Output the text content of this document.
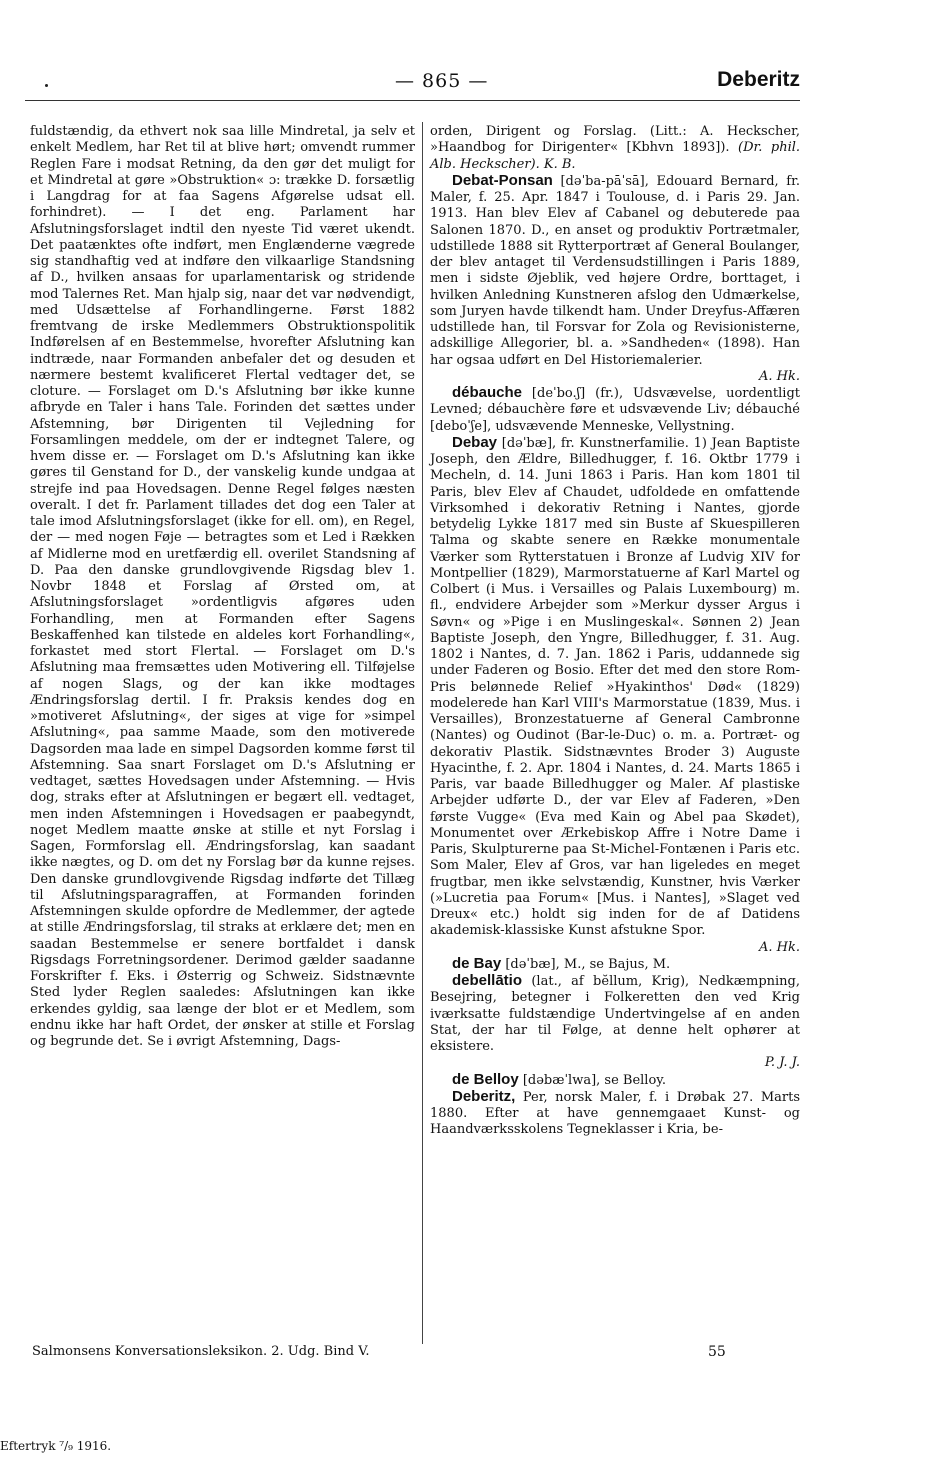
— 865 —	Deberitz

fuldstændig, da ethvert nok saa lille Mindretal, ja selv et enkelt Medlem, har Ret til at blive hørt; omvendt rummer Reglen Fare i modsat Retning, da den gør det muligt for et Mindretal at gøre »Obstruktion« ɔ: trække D. forsætlig i Langdrag for at faa Sagens Afgørelse udsat ell. forhindret). — I det eng. Parlament har Afslutningsforslaget indtil den nyeste Tid været ukendt. Det paatænktes ofte indført, men Englænderne vægrede sig standhaftig ved at indføre den vilkaarlige Standsning af D., hvilken ansaas for uparlamentarisk og stridende mod Talernes Ret. Man hjalp sig, naar det var nødvendigt, med Udsættelse af Forhandlingerne. Først 1882 fremtvang de irske Medlemmers Obstruktionspolitik Indførelsen af en Bestemmelse, hvorefter Afslutning kan indtræde, naar Formanden anbefaler det og desuden et nærmere bestemt kvalificeret Flertal vedtager det, se cloture. — Forslaget om D.'s Afslutning bør ikke kunne afbryde en Taler i hans Tale. Forinden det sættes under Afstemning, bør Dirigenten til Vejledning for Forsamlingen meddele, om der er indtegnet Talere, og hvem disse er. — Forslaget om D.'s Afslutning kan ikke gøres til Genstand for D., der vanskelig kunde undgaa at strejfe ind paa Hovedsagen. Denne Regel følges næsten overalt. I det fr. Parlament tillades det dog een Taler at tale imod Afslutningsforslaget (ikke for ell. om), en Regel, der — med nogen Føje — betragtes som et Led i Rækken af Midlerne mod en uretfærdig ell. overilet Standsning af D. Paa den danske grundlovgivende Rigsdag blev 1. Novbr 1848 et Forslag af Ørsted om, at Afslutningsforslaget »ordentligvis afgøres uden Forhandling, men at Formanden efter Sagens Beskaffenhed kan tilstede en aldeles kort Forhandling«, forkastet med stort Flertal. — Forslaget om D.'s Afslutning maa fremsættes uden Motivering ell. Tilføjelse af nogen Slags, og der kan ikke modtages Ændringsforslag dertil. I fr. Praksis kendes dog en »motiveret Afslutning«, der siges at vige for »simpel Afslutning«, paa samme Maade, som den motiverede Dagsorden maa lade en simpel Dagsorden komme først til Afstemning. Saa snart Forslaget om D.'s Afslutning er vedtaget, sættes Hovedsagen under Afstemning. — Hvis dog, straks efter at Afslutningen er begært ell. vedtaget, men inden Afstemningen i Hovedsagen er paabegyndt, noget Medlem maatte ønske at stille et nyt Forslag i Sagen, Formforslag ell. Ændringsforslag, kan saadant ikke nægtes, og D. om det ny Forslag bør da kunne rejses. Den danske grundlovgivende Rigsdag indførte det Tillæg til Afslutningsparagraffen, at Formanden forinden Afstemningen skulde opfordre de Medlemmer, der agtede at stille Ændringsforslag, til straks at erklære det; men en saadan Bestemmelse er senere bortfaldet i dansk Rigsdags Forretningsordener. Derimod gælder saadanne Forskrifter f. Eks. i Østerrig og Schweiz. Sidstnævnte Sted lyder Reglen saaledes: Afslutningen kan ikke erkendes gyldig, saa længe der blot er et Medlem, som endnu ikke har haft Ordet, der ønsker at stille et Forslag og begrunde det. Se i øvrigt Afstemning, Dags-

orden, Dirigent og Forslag. (Litt.: A. Heckscher, »Haandbog for Dirigenter« [Kbhvn 1893]). (Dr. phil. Alb. Heckscher). K. B.

Debat-Ponsan [dəˈba-pāˈsā], Edouard Bernard, fr. Maler, f. 25. Apr. 1847 i Toulouse, d. i Paris 29. Jan. 1913. Han blev Elev af Cabanel og debuterede paa Salonen 1870. D., en anset og produktiv Portrætmaler, udstillede 1888 sit Rytterportræt af General Boulanger, der blev antaget til Verdensudstillingen i Paris 1889, men i sidste Øjeblik, ved højere Ordre, borttaget, i hvilken Anledning Kunstneren afslog den Udmærkelse, som Juryen havde tilkendt ham. Under Dreyfus-Affæren udstillede han, til Forsvar for Zola og Revisionisterne, adskillige Allegorier, bl. a. »Sandheden« (1898). Han har ogsaa udført en Del Historiemalerier.
A. Hk.

débauche [deˈbo.ʃ] (fr.), Udsvævelse, uordentligt Levned; débauchère føre et udsvævende Liv; débauché [deboˈʃe], udsvævende Menneske, Vellystning.

Debay [dəˈbæ], fr. Kunstnerfamilie. 1) Jean Baptiste Joseph, den Ældre, Billedhugger, f. 16. Oktbr 1779 i Mecheln, d. 14. Juni 1863 i Paris. Han kom 1801 til Paris, blev Elev af Chaudet, udfoldede en omfattende Virksomhed i dekorativ Retning i Nantes, gjorde betydelig Lykke 1817 med sin Buste af Skuespilleren Talma og skabte senere en Række monumentale Værker som Rytterstatuen i Bronze af Ludvig XIV for Montpellier (1829), Marmorstatuerne af Karl Martel og Colbert (i Mus. i Versailles og Palais Luxembourg) m. fl., endvidere Arbejder som »Merkur dysser Argus i Søvn« og »Pige i en Muslingeskal«. Sønnen 2) Jean Baptiste Joseph, den Yngre, Billedhugger, f. 31. Aug. 1802 i Nantes, d. 7. Jan. 1862 i Paris, uddannede sig under Faderen og Bosio. Efter det med den store Rom-Pris belønnede Relief »Hyakinthos' Død« (1829) modelerede han Karl VIII's Marmorstatue (1839, Mus. i Versailles), Bronzestatuerne af General Cambronne (Nantes) og Oudinot (Bar-le-Duc) o. m. a. Portræt- og dekorativ Plastik. Sidstnævntes Broder 3) Auguste Hyacinthe, f. 2. Apr. 1804 i Nantes, d. 24. Marts 1865 i Paris, var baade Billedhugger og Maler. Af plastiske Arbejder udførte D., der var Elev af Faderen, »Den første Vugge« (Eva med Kain og Abel paa Skødet), Monumentet over Ærkebiskop Affre i Notre Dame i Paris, Skulpturerne paa St-Michel-Fontænen i Paris etc. Som Maler, Elev af Gros, var han ligeledes en meget frugtbar, men ikke selvstændig, Kunstner, hvis Værker (»Lucretia paa Forum« [Mus. i Nantes], »Slaget ved Dreux« etc.) holdt sig inden for de af Datidens akademisk-klassiske Kunst afstukne Spor.
A. Hk.

de Bay [dəˈbæ], M., se Bajus, M.

debellātio (lat., af bĕllum, Krig), Nedkæmpning, Besejring, betegner i Folkeretten den ved Krig iværksatte fuldstændige Undertvingelse af en anden Stat, der har til Følge, at denne helt ophører at eksistere.
P. J. J.

de Belloy [dəbæˈlwa], se Belloy.

Deberitz, Per, norsk Maler, f. i Drøbak 27. Marts 1880. Efter at have gennemgaaet Kunst- og Haandværksskolens Tegneklasser i Kria, be-

Salmonsens Konversationsleksikon. 2. Udg. Bind V.	55
Eftertryk ⁷/₉ 1916.
